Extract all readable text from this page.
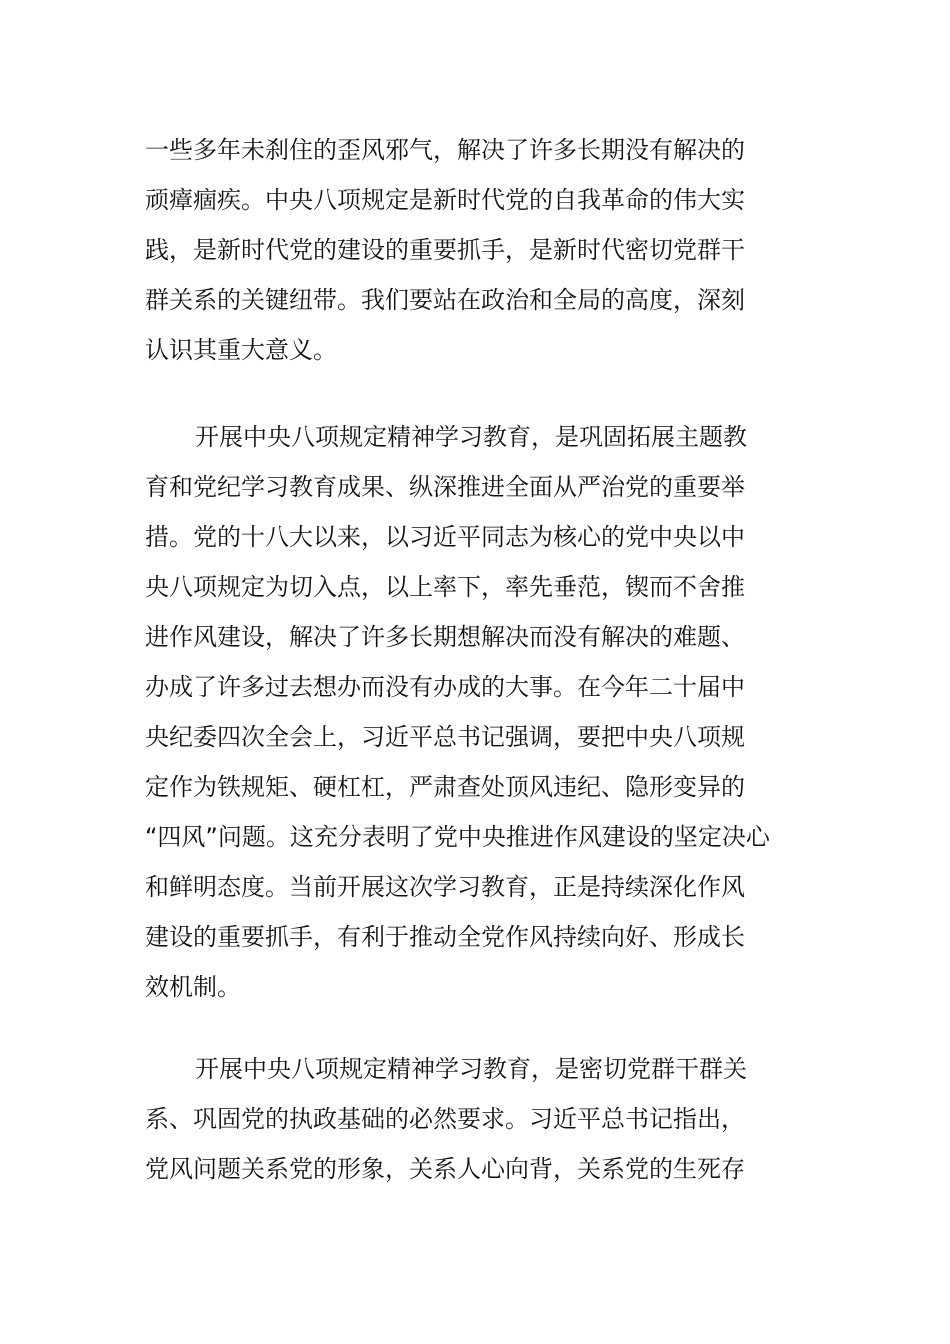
一些多年未刹住的歪风邪气，解决了许多长期没有解决的
顽瘴痼疾。中央八项规定是新时代党的自我革命的伟大实
践，是新时代党的建设的重要抓手，是新时代密切党群干
群关系的关键纽带。我们要站在政治和全局的高度，深刻
认识其重大意义。
开展中央八项规定精神学习教育，是巩固拓展主题教
育和党纪学习教育成果、纵深推进全面从严治党的重要举
措。党的十八大以来，以习近平同志为核心的党中央以中
央八项规定为切入点，以上率下，率先垂范，锲而不舍推
进作风建设，解决了许多长期想解决而没有解决的难题、
办成了许多过去想办而没有办成的大事。在今年二十届中
央纪委四次全会上，习近平总书记强调，要把中央八项规
定作为铁规矩、硬杠杠，严肃查处顶风违纪、隐形变异的
“四风”问题。这充分表明了党中央推进作风建设的坚定决心
和鲜明态度。当前开展这次学习教育，正是持续深化作风
建设的重要抓手，有利于推动全党作风持续向好、形成长
效机制。
开展中央八项规定精神学习教育，是密切党群干群关
系、巩固党的执政基础的必然要求。习近平总书记指出，
党风问题关系党的形象，关系人心向背，关系党的生死存
